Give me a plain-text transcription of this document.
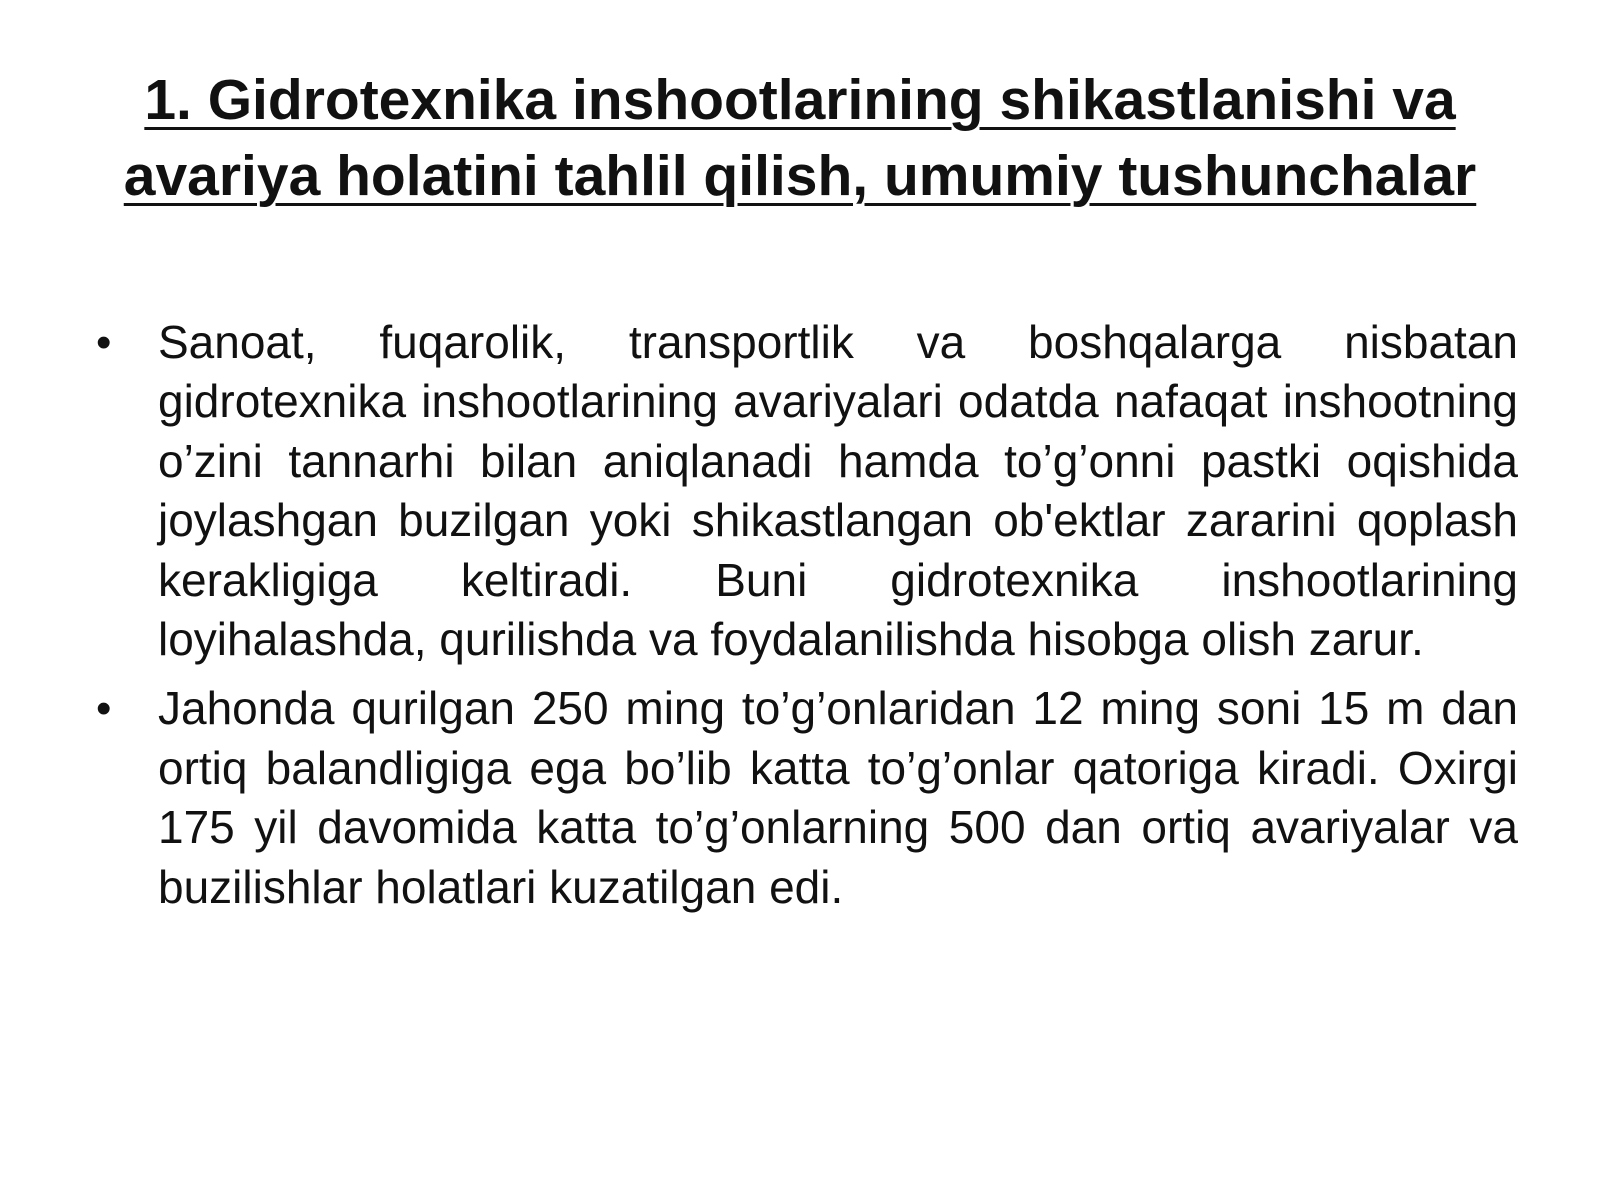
1. Gidrotexnika inshootlarining shikastlanishi va avariya holatini tahlil qilish, umumiy tushunchalar
•	Sanoat, fuqarolik, transportlik va boshqalarga nisbatan gidrotexnika inshootlarining avariyalari odatda nafaqat inshootning o’zini tannarhi bilan aniqlanadi hamda to’g’onni pastki oqishida joylashgan buzilgan yoki shikastlangan ob'ektlar zararini qoplash kerakligiga keltiradi. Buni gidrotexnika inshootlarining loyihalashda, qurilishda va foydalanilishda hisobga olish zarur.
•	Jahonda qurilgan 250 ming to’g’onlaridan 12 ming soni 15 m dan ortiq balandligiga ega bo’lib katta to’g’onlar qatoriga kiradi. Oxirgi 175 yil davomida katta to’g’onlarning 500 dan ortiq avariyalar va buzilishlar holatlari kuzatilgan edi.
